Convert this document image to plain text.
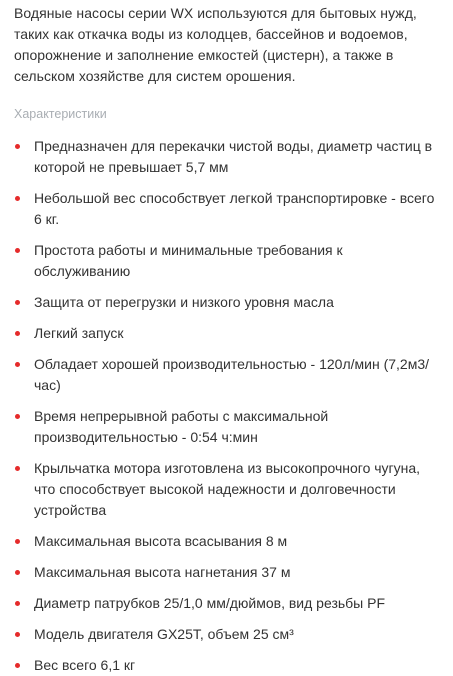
Водяные насосы серии WX используются для бытовых нужд, таких как откачка воды из колодцев, бассейнов и водоемов, опорожнение и заполнение емкостей (цистерн), а также в сельском хозяйстве для систем орошения.

Характеристики
Предназначен для перекачки чистой воды, диаметр частиц в которой не превышает 5,7 мм
Небольшой вес способствует легкой транспортировке - всего 6 кг.
Простота работы и минимальные требования к обслуживанию
Защита от перегрузки и низкого уровня масла
Легкий запуск
Обладает хорошей производительностью - 120л/мин (7,2м3/час)
Время непрерывной работы с максимальной производительностью - 0:54 ч:мин
Крыльчатка мотора изготовлена из высокопрочного чугуна, что способствует высокой надежности и долговечности устройства
Максимальная высота всасывания 8 м
Максимальная высота нагнетания 37 м
Диаметр патрубков 25/1,0 мм/дюймов, вид резьбы PF
Модель двигателя GX25T, объем 25 см³
Вес всего 6,1 кг
